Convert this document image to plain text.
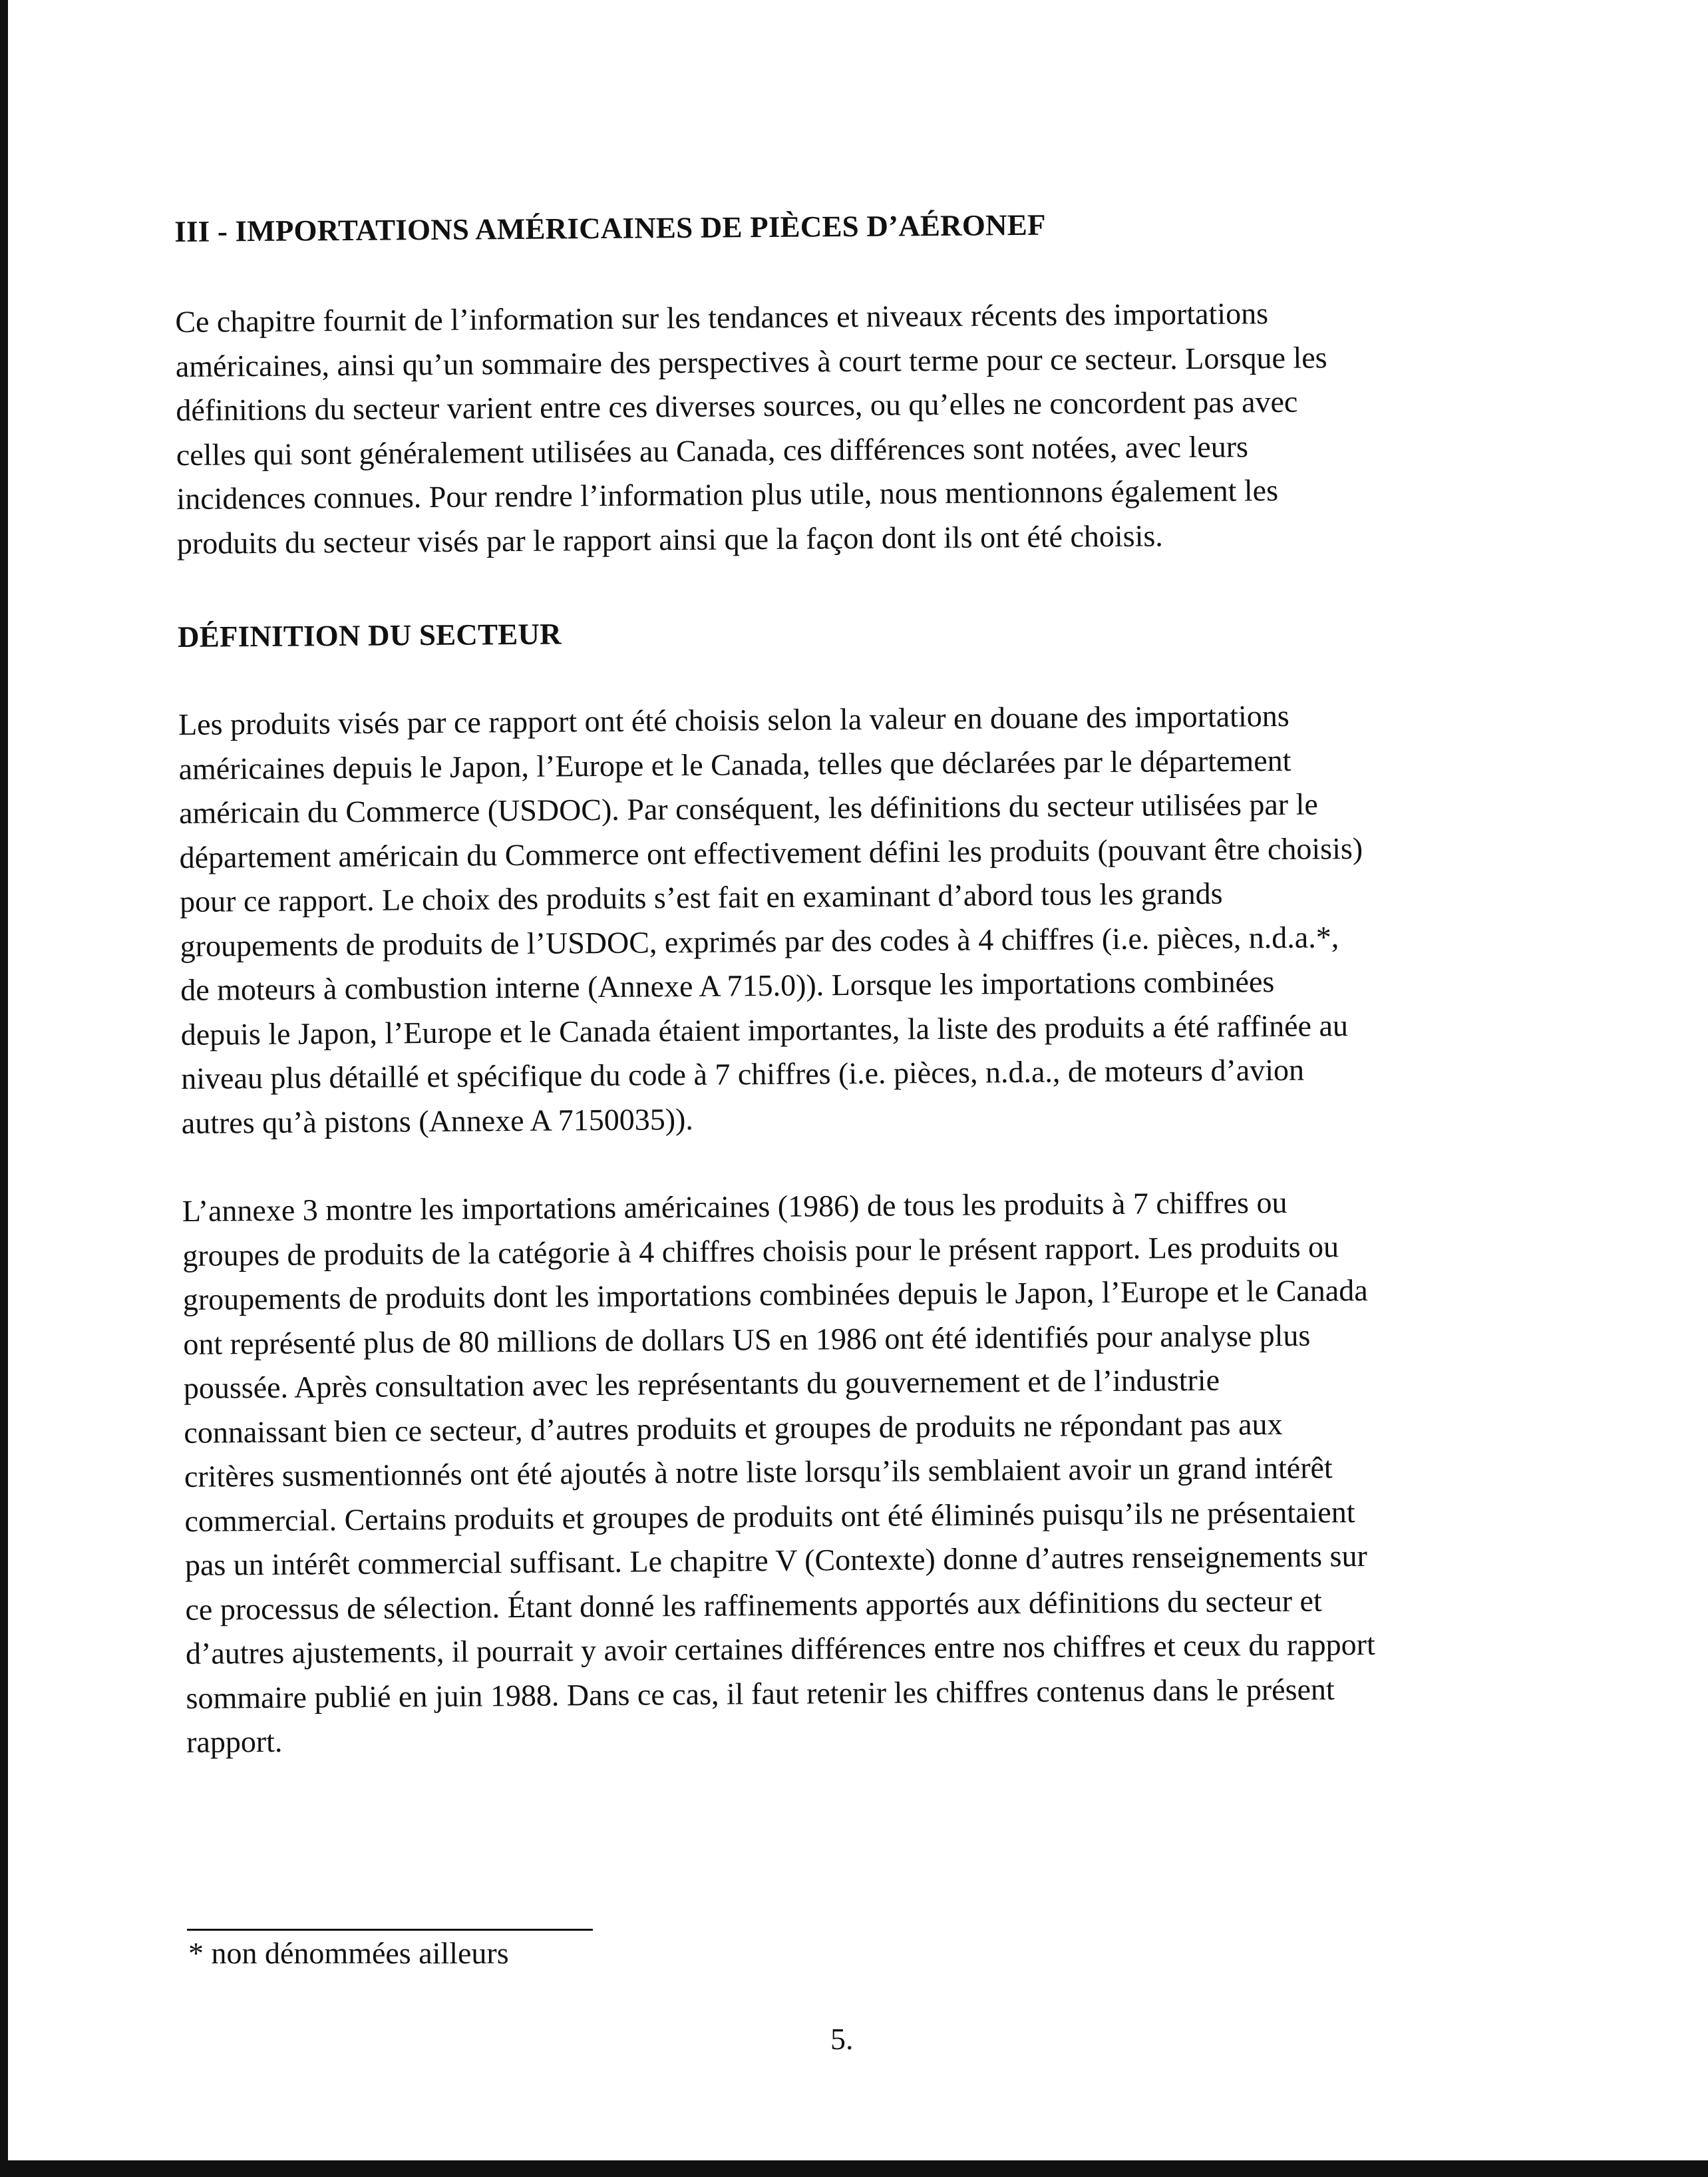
III - IMPORTATIONS AMÉRICAINES DE PIÈCES D’AÉRONEF

Ce chapitre fournit de l’information sur les tendances et niveaux récents des importations
américaines, ainsi qu’un sommaire des perspectives à court terme pour ce secteur. Lorsque les
définitions du secteur varient entre ces diverses sources, ou qu’elles ne concordent pas avec
celles qui sont généralement utilisées au Canada, ces différences sont notées, avec leurs
incidences connues. Pour rendre l’information plus utile, nous mentionnons également les
produits du secteur visés par le rapport ainsi que la façon dont ils ont été choisis.

DÉFINITION DU SECTEUR

Les produits visés par ce rapport ont été choisis selon la valeur en douane des importations
américaines depuis le Japon, l’Europe et le Canada, telles que déclarées par le département
américain du Commerce (USDOC). Par conséquent, les définitions du secteur utilisées par le
département américain du Commerce ont effectivement défini les produits (pouvant être choisis)
pour ce rapport. Le choix des produits s’est fait en examinant d’abord tous les grands
groupements de produits de l’USDOC, exprimés par des codes à 4 chiffres (i.e. pièces, n.d.a.*,
de moteurs à combustion interne (Annexe A 715.0)). Lorsque les importations combinées
depuis le Japon, l’Europe et le Canada étaient importantes, la liste des produits a été raffinée au
niveau plus détaillé et spécifique du code à 7 chiffres (i.e. pièces, n.d.a., de moteurs d’avion
autres qu’à pistons (Annexe A 7150035)).

L’annexe 3 montre les importations américaines (1986) de tous les produits à 7 chiffres ou
groupes de produits de la catégorie à 4 chiffres choisis pour le présent rapport. Les produits ou
groupements de produits dont les importations combinées depuis le Japon, l’Europe et le Canada
ont représenté plus de 80 millions de dollars US en 1986 ont été identifiés pour analyse plus
poussée. Après consultation avec les représentants du gouvernement et de l’industrie
connaissant bien ce secteur, d’autres produits et groupes de produits ne répondant pas aux
critères susmentionnés ont été ajoutés à notre liste lorsqu’ils semblaient avoir un grand intérêt
commercial. Certains produits et groupes de produits ont été éliminés puisqu’ils ne présentaient
pas un intérêt commercial suffisant. Le chapitre V (Contexte) donne d’autres renseignements sur
ce processus de sélection. Étant donné les raffinements apportés aux définitions du secteur et
d’autres ajustements, il pourrait y avoir certaines différences entre nos chiffres et ceux du rapport
sommaire publié en juin 1988. Dans ce cas, il faut retenir les chiffres contenus dans le présent
rapport.

* non dénommées ailleurs
5.
